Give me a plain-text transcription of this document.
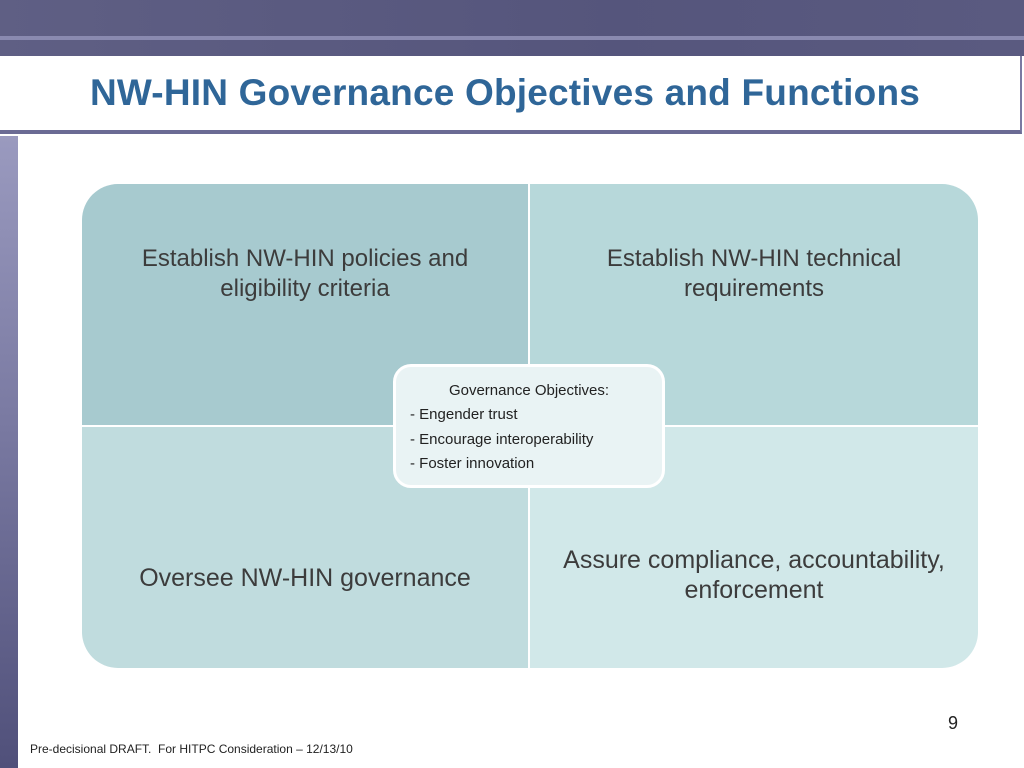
NW-HIN Governance Objectives and Functions
Establish NW-HIN policies and eligibility criteria
Establish NW-HIN technical requirements
Oversee NW-HIN governance
Assure compliance, accountability, enforcement
Governance Objectives:
- Engender trust
- Encourage interoperability
- Foster innovation
9
Pre-decisional DRAFT.  For HITPC Consideration – 12/13/10
